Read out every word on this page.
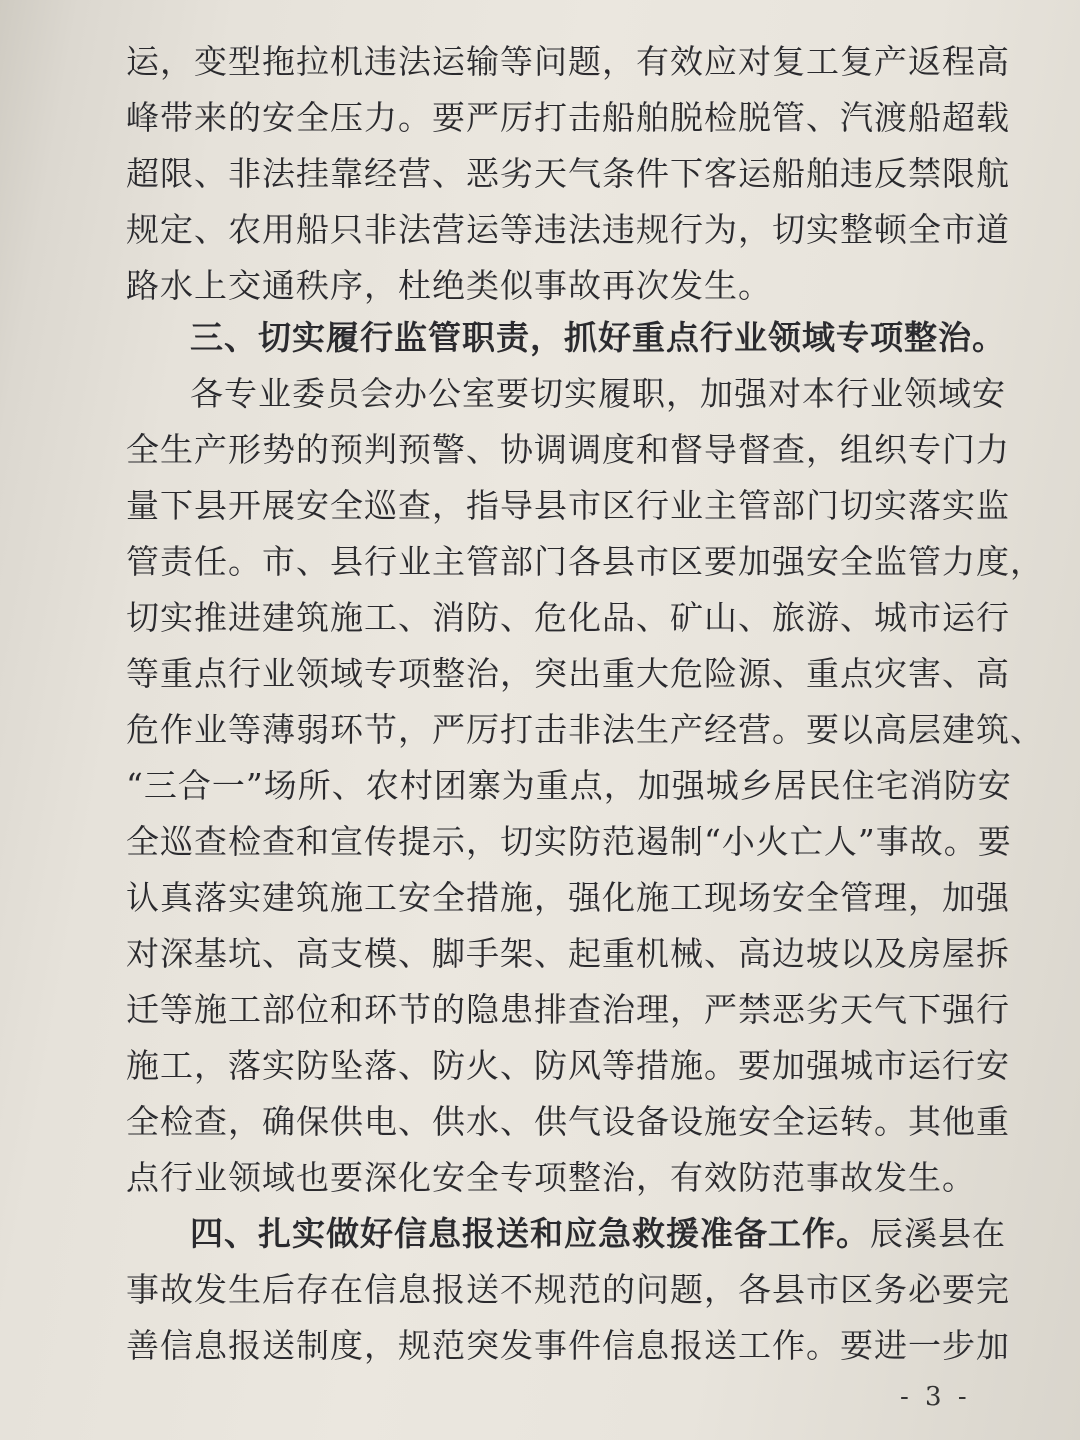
运，变型拖拉机违法运输等问题，有效应对复工复产返程高
峰带来的安全压力。要严厉打击船舶脱检脱管、汽渡船超载
超限、非法挂靠经营、恶劣天气条件下客运船舶违反禁限航
规定、农用船只非法营运等违法违规行为，切实整顿全市道
路水上交通秩序，杜绝类似事故再次发生。
三、切实履行监管职责，抓好重点行业领域专项整治。
各专业委员会办公室要切实履职，加强对本行业领域安
全生产形势的预判预警、协调调度和督导督查，组织专门力
量下县开展安全巡查，指导县市区行业主管部门切实落实监
管责任。市、县行业主管部门各县市区要加强安全监管力度，
切实推进建筑施工、消防、危化品、矿山、旅游、城市运行
等重点行业领域专项整治，突出重大危险源、重点灾害、高
危作业等薄弱环节，严厉打击非法生产经营。要以高层建筑、
“三合一”场所、农村团寨为重点，加强城乡居民住宅消防安
全巡查检查和宣传提示，切实防范遏制“小火亡人”事故。要
认真落实建筑施工安全措施，强化施工现场安全管理，加强
对深基坑、高支模、脚手架、起重机械、高边坡以及房屋拆
迁等施工部位和环节的隐患排查治理，严禁恶劣天气下强行
施工，落实防坠落、防火、防风等措施。要加强城市运行安
全检查，确保供电、供水、供气设备设施安全运转。其他重
点行业领域也要深化安全专项整治，有效防范事故发生。
四、扎实做好信息报送和应急救援准备工作。辰溪县在
事故发生后存在信息报送不规范的问题，各县市区务必要完
善信息报送制度，规范突发事件信息报送工作。要进一步加
- 3 -
